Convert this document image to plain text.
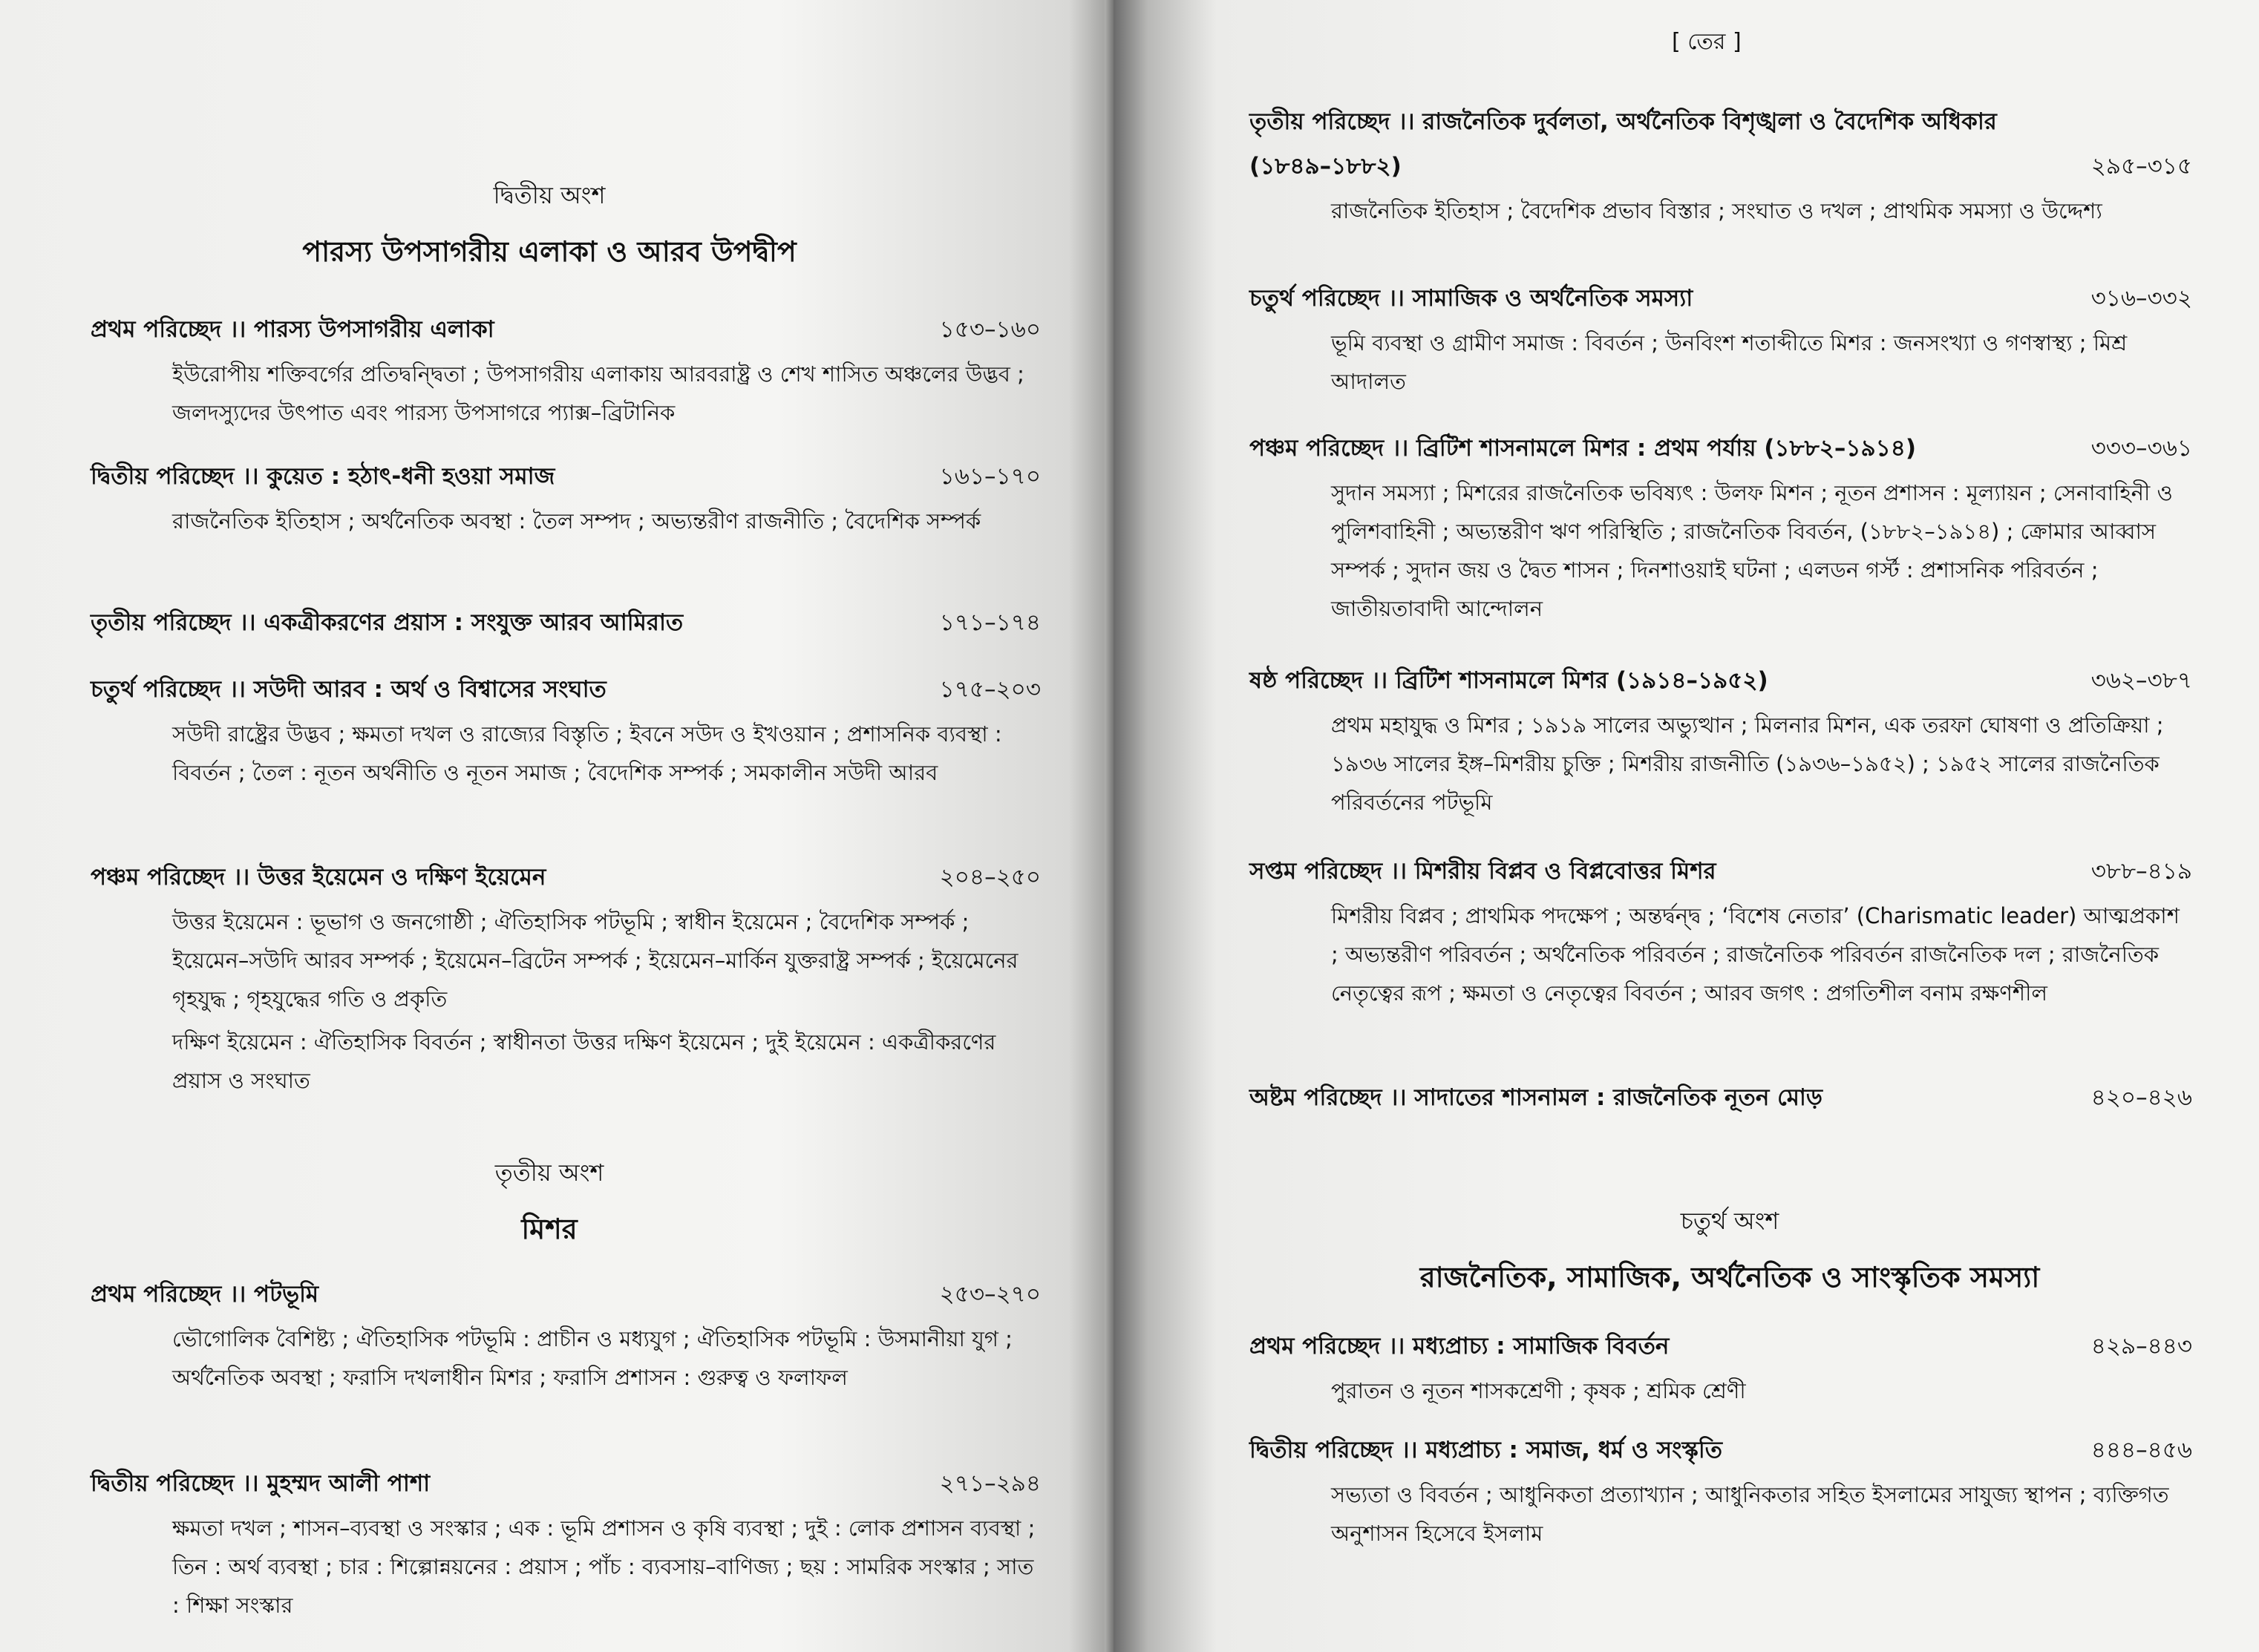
দ্বিতীয় অংশ
পারস্য উপসাগরীয় এলাকা ও আরব উপদ্বীপ
প্রথম পরিচ্ছেদ ।। পারস্য উপসাগরীয় এলাকা	১৫৩–১৬০

ইউরোপীয় শক্তিবর্গের প্রতিদ্বন্দ্বিতা ; উপসাগরীয় এলাকায় আরবরাষ্ট্র ও শেখ শাসিত অঞ্চলের উদ্ভব ; জলদস্যুদের উৎপাত এবং পারস্য উপসাগরে প্যাক্স–ব্রিটানিক

দ্বিতীয় পরিচ্ছেদ ।। কুয়েত : হঠাৎ-ধনী হওয়া সমাজ	১৬১–১৭০

রাজনৈতিক ইতিহাস ; অর্থনৈতিক অবস্থা : তৈল সম্পদ ; অভ্যন্তরীণ রাজনীতি ; বৈদেশিক সম্পর্ক

তৃতীয় পরিচ্ছেদ ।। একত্রীকরণের প্রয়াস : সংযুক্ত আরব আমিরাত	১৭১–১৭৪
চতুর্থ পরিচ্ছেদ ।। সউদী আরব : অর্থ ও বিশ্বাসের সংঘাত	১৭৫–২০৩

সউদী রাষ্ট্রের উদ্ভব ; ক্ষমতা দখল ও রাজ্যের বিস্তৃতি ; ইবনে সউদ ও ইখওয়ান ; প্রশাসনিক ব্যবস্থা : বিবর্তন ; তৈল : নূতন অর্থনীতি ও নূতন সমাজ ; বৈদেশিক সম্পর্ক ; সমকালীন সউদী আরব

পঞ্চম পরিচ্ছেদ ।। উত্তর ইয়েমেন ও দক্ষিণ ইয়েমেন	২০৪–২৫০

উত্তর ইয়েমেন : ভূভাগ ও জনগোষ্ঠী ; ঐতিহাসিক পটভূমি ; স্বাধীন ইয়েমেন ; বৈদেশিক সম্পর্ক ; ইয়েমেন–সউদি আরব সম্পর্ক ; ইয়েমেন–ব্রিটেন সম্পর্ক ; ইয়েমেন–মার্কিন যুক্তরাষ্ট্র সম্পর্ক ; ইয়েমেনের গৃহযুদ্ধ ; গৃহযুদ্ধের গতি ও প্রকৃতি

দক্ষিণ ইয়েমেন : ঐতিহাসিক বিবর্তন ; স্বাধীনতা উত্তর দক্ষিণ ইয়েমেন ; দুই ইয়েমেন : একত্রীকরণের প্রয়াস ও সংঘাত

তৃতীয় অংশ
মিশর
প্রথম পরিচ্ছেদ ।। পটভূমি	২৫৩–২৭০

ভৌগোলিক বৈশিষ্ট্য ; ঐতিহাসিক পটভূমি : প্রাচীন ও মধ্যযুগ ; ঐতিহাসিক পটভূমি : উসমানীয়া যুগ ; অর্থনৈতিক অবস্থা ; ফরাসি দখলাধীন মিশর ; ফরাসি প্রশাসন : গুরুত্ব ও ফলাফল

দ্বিতীয় পরিচ্ছেদ ।। মুহম্মদ আলী পাশা	২৭১–২৯৪

ক্ষমতা দখল ; শাসন–ব্যবস্থা ও সংস্কার ; এক : ভূমি প্রশাসন ও কৃষি ব্যবস্থা ; দুই : লোক প্রশাসন ব্যবস্থা ; তিন : অর্থ ব্যবস্থা ; চার : শিল্পোন্নয়নের : প্রয়াস ; পাঁচ : ব্যবসায়–বাণিজ্য ; ছয় : সামরিক সংস্কার ; সাত : শিক্ষা সংস্কার

[ তের ]
তৃতীয় পরিচ্ছেদ ।। রাজনৈতিক দুর্বলতা, অর্থনৈতিক বিশৃঙ্খলা ও বৈদেশিক অধিকার
(১৮৪৯–১৮৮২)	২৯৫–৩১৫

রাজনৈতিক ইতিহাস ; বৈদেশিক প্রভাব বিস্তার ; সংঘাত ও দখল ; প্রাথমিক সমস্যা ও উদ্দেশ্য

চতুর্থ পরিচ্ছেদ ।। সামাজিক ও অর্থনৈতিক সমস্যা	৩১৬–৩৩২

ভূমি ব্যবস্থা ও গ্রামীণ সমাজ : বিবর্তন ; উনবিংশ শতাব্দীতে মিশর : জনসংখ্যা ও গণস্বাস্থ্য ; মিশ্র আদালত

পঞ্চম পরিচ্ছেদ ।। ব্রিটিশ শাসনামলে মিশর : প্রথম পর্যায় (১৮৮২–১৯১৪)	৩৩৩–৩৬১

সুদান সমস্যা ; মিশরের রাজনৈতিক ভবিষ্যৎ : উলফ মিশন ; নূতন প্রশাসন : মূল্যায়ন ; সেনাবাহিনী ও পুলিশবাহিনী ; অভ্যন্তরীণ ঋণ পরিস্থিতি ; রাজনৈতিক বিবর্তন, (১৮৮২–১৯১৪) ; ক্রোমার আব্বাস সম্পর্ক ; সুদান জয় ও দ্বৈত শাসন ; দিনশাওয়াই ঘটনা ; এলডন গর্স্ট : প্রশাসনিক পরিবর্তন ; জাতীয়তাবাদী আন্দোলন

ষষ্ঠ পরিচ্ছেদ ।। ব্রিটিশ শাসনামলে মিশর (১৯১৪–১৯৫২)	৩৬২–৩৮৭

প্রথম মহাযুদ্ধ ও মিশর ; ১৯১৯ সালের অভ্যুত্থান ; মিলনার মিশন, এক তরফা ঘোষণা ও প্রতিক্রিয়া ; ১৯৩৬ সালের ইঙ্গ–মিশরীয় চুক্তি ; মিশরীয় রাজনীতি (১৯৩৬–১৯৫২) ; ১৯৫২ সালের রাজনৈতিক পরিবর্তনের পটভূমি

সপ্তম পরিচ্ছেদ ।। মিশরীয় বিপ্লব ও বিপ্লবোত্তর মিশর	৩৮৮–৪১৯

মিশরীয় বিপ্লব ; প্রাথমিক পদক্ষেপ ; অন্তর্দ্বন্দ্ব ; ‘বিশেষ নেতার’ (Charismatic leader) আত্মপ্রকাশ ; অভ্যন্তরীণ পরিবর্তন ; অর্থনৈতিক পরিবর্তন ; রাজনৈতিক পরিবর্তন রাজনৈতিক দল ; রাজনৈতিক নেতৃত্বের রূপ ; ক্ষমতা ও নেতৃত্বের বিবর্তন ; আরব জগৎ : প্রগতিশীল বনাম রক্ষণশীল

অষ্টম পরিচ্ছেদ ।। সাদাতের শাসনামল : রাজনৈতিক নূতন মোড়	৪২০–৪২৬
চতুর্থ অংশ
রাজনৈতিক, সামাজিক, অর্থনৈতিক ও সাংস্কৃতিক সমস্যা
প্রথম পরিচ্ছেদ ।। মধ্যপ্রাচ্য : সামাজিক বিবর্তন	৪২৯–৪৪৩

পুরাতন ও নূতন শাসকশ্রেণী ; কৃষক ; শ্রমিক শ্রেণী

দ্বিতীয় পরিচ্ছেদ ।। মধ্যপ্রাচ্য : সমাজ, ধর্ম ও সংস্কৃতি	৪৪৪–৪৫৬

সভ্যতা ও বিবর্তন ; আধুনিকতা প্রত্যাখ্যান ; আধুনিকতার সহিত ইসলামের সাযুজ্য স্থাপন ; ব্যক্তিগত অনুশাসন হিসেবে ইসলাম
